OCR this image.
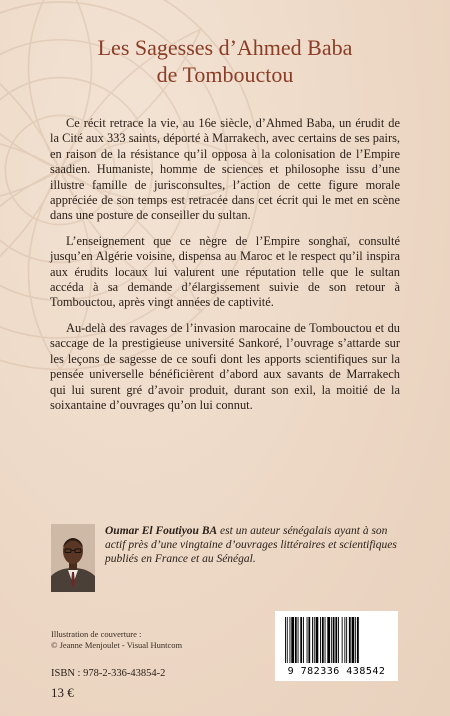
Les Sagesses d’Ahmed Baba
de Tombouctou

Ce récit retrace la vie, au 16e siècle, d’Ahmed Baba, un érudit de la Cité aux 333 saints, déporté à Marrakech, avec certains de ses pairs, en raison de la résistance qu’il opposa à la colonisation de l’Empire saadien. Humaniste, homme de sciences et philosophe issu d’une illustre famille de jurisconsultes, l’action de cette figure morale appréciée de son temps est retracée dans cet écrit qui le met en scène dans une posture de conseiller du sultan.

L’enseignement que ce nègre de l’Empire songhaï, consulté jusqu’en Algérie voisine, dispensa au Maroc et le respect qu’il inspira aux érudits locaux lui valurent une réputation telle que le sultan accéda à sa demande d’élargissement suivie de son retour à Tombouctou, après vingt années de captivité.

Au-delà des ravages de l’invasion marocaine de Tombouctou et du saccage de la prestigieuse université Sankoré, l’ouvrage s’attarde sur les leçons de sagesse de ce soufi dont les apports scientifiques sur la pensée universelle bénéficièrent d’abord aux savants de Marrakech qui lui surent gré d’avoir produit, durant son exil, la moitié de la soixantaine d’ouvrages qu’on lui connut.

Oumar El Foutiyou BA est un auteur sénégalais ayant à son actif près d’une vingtaine d’ouvrages littéraires et scientifiques publiés en France et au Sénégal.

Illustration de couverture :
© Jeanne Menjoulet - Visual Huntcom
ISBN : 978-2-336-43854-2
13 €
9 782336 438542
